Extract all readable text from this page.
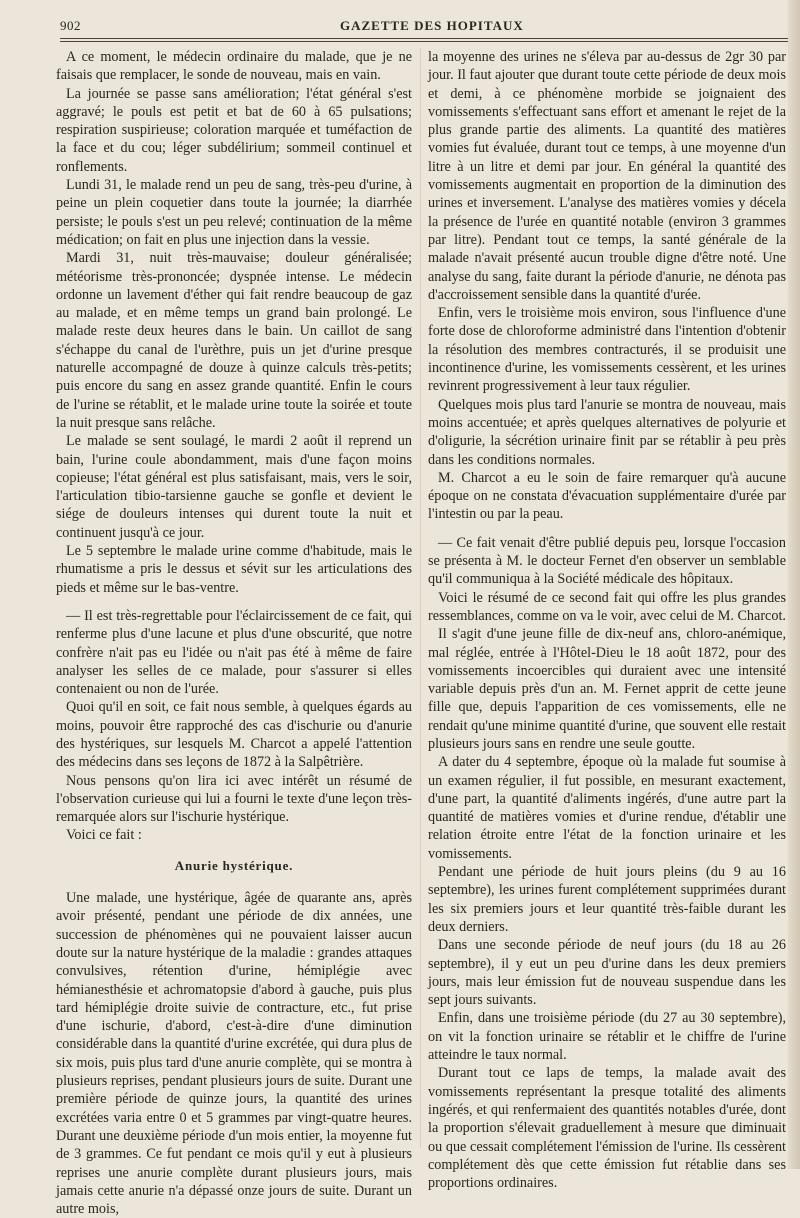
902	GAZETTE DES HOPITAUX

A ce moment, le médecin ordinaire du malade, que je ne faisais que remplacer, le sonde de nouveau, mais en vain.

La journée se passe sans amélioration; l'état général s'est aggravé; le pouls est petit et bat de 60 à 65 pulsations; respiration suspirieuse; coloration marquée et tuméfaction de la face et du cou; léger subdélirium; sommeil continuel et ronflements.

Lundi 31, le malade rend un peu de sang, très-peu d'urine, à peine un plein coquetier dans toute la journée; la diarrhée persiste; le pouls s'est un peu relevé; continuation de la même médication; on fait en plus une injection dans la vessie.

Mardi 31, nuit très-mauvaise; douleur généralisée; météorisme très-prononcée; dyspnée intense. Le médecin ordonne un lavement d'éther qui fait rendre beaucoup de gaz au malade, et en même temps un grand bain prolongé. Le malade reste deux heures dans le bain. Un caillot de sang s'échappe du canal de l'urèthre, puis un jet d'urine presque naturelle accompagné de douze à quinze calculs très-petits; puis encore du sang en assez grande quantité. Enfin le cours de l'urine se rétablit, et le malade urine toute la soirée et toute la nuit presque sans relâche.

Le malade se sent soulagé, le mardi 2 août il reprend un bain, l'urine coule abondamment, mais d'une façon moins copieuse; l'état général est plus satisfaisant, mais, vers le soir, l'articulation tibio-tarsienne gauche se gonfle et devient le siége de douleurs intenses qui durent toute la nuit et continuent jusqu'à ce jour.

Le 5 septembre le malade urine comme d'habitude, mais le rhumatisme a pris le dessus et sévit sur les articulations des pieds et même sur le bas-ventre.

— Il est très-regrettable pour l'éclaircissement de ce fait, qui renferme plus d'une lacune et plus d'une obscurité, que notre confrère n'ait pas eu l'idée ou n'ait pas été à même de faire analyser les selles de ce malade, pour s'assurer si elles contenaient ou non de l'urée.

Quoi qu'il en soit, ce fait nous semble, à quelques égards au moins, pouvoir être rapproché des cas d'ischurie ou d'anurie des hystériques, sur lesquels M. Charcot a appelé l'attention des médecins dans ses leçons de 1872 à la Salpêtrière.

Nous pensons qu'on lira ici avec intérêt un résumé de l'observation curieuse qui lui a fourni le texte d'une leçon très-remarquée alors sur l'ischurie hystérique.

Voici ce fait :

Anurie hystérique.

Une malade, une hystérique, âgée de quarante ans, après avoir présenté, pendant une période de dix années, une succession de phénomènes qui ne pouvaient laisser aucun doute sur la nature hystérique de la maladie : grandes attaques convulsives, rétention d'urine, hémiplégie avec hémianesthésie et achromatopsie d'abord à gauche, puis plus tard hémiplégie droite suivie de contracture, etc., fut prise d'une ischurie, d'abord, c'est-à-dire d'une diminution considérable dans la quantité d'urine excrétée, qui dura plus de six mois, puis plus tard d'une anurie complète, qui se montra à plusieurs reprises, pendant plusieurs jours de suite. Durant une première période de quinze jours, la quantité des urines excrétées varia entre 0 et 5 grammes par vingt-quatre heures. Durant une deuxième période d'un mois entier, la moyenne fut de 3 grammes. Ce fut pendant ce mois qu'il y eut à plusieurs reprises une anurie complète durant plusieurs jours, mais jamais cette anurie n'a dépassé onze jours de suite. Durant un autre mois,

la moyenne des urines ne s'éleva par au-dessus de 2gr 30 par jour. Il faut ajouter que durant toute cette période de deux mois et demi, à ce phénomène morbide se joignaient des vomissements s'effectuant sans effort et amenant le rejet de la plus grande partie des aliments. La quantité des matières vomies fut évaluée, durant tout ce temps, à une moyenne d'un litre à un litre et demi par jour. En général la quantité des vomissements augmentait en proportion de la diminution des urines et inversement. L'analyse des matières vomies y décela la présence de l'urée en quantité notable (environ 3 grammes par litre). Pendant tout ce temps, la santé générale de la malade n'avait présenté aucun trouble digne d'être noté. Une analyse du sang, faite durant la période d'anurie, ne dénota pas d'accroissement sensible dans la quantité d'urée.

Enfin, vers le troisième mois environ, sous l'influence d'une forte dose de chloroforme administré dans l'intention d'obtenir la résolution des membres contracturés, il se produisit une incontinence d'urine, les vomissements cessèrent, et les urines revinrent progressivement à leur taux régulier.

Quelques mois plus tard l'anurie se montra de nouveau, mais moins accentuée; et après quelques alternatives de polyurie et d'oligurie, la sécrétion urinaire finit par se rétablir à peu près dans les conditions normales.

M. Charcot a eu le soin de faire remarquer qu'à aucune époque on ne constata d'évacuation supplémentaire d'urée par l'intestin ou par la peau.

— Ce fait venait d'être publié depuis peu, lorsque l'occasion se présenta à M. le docteur Fernet d'en observer un semblable qu'il communiqua à la Société médicale des hôpitaux.

Voici le résumé de ce second fait qui offre les plus grandes ressemblances, comme on va le voir, avec celui de M. Charcot.

Il s'agit d'une jeune fille de dix-neuf ans, chloro-anémique, mal réglée, entrée à l'Hôtel-Dieu le 18 août 1872, pour des vomissements incoercibles qui duraient avec une intensité variable depuis près d'un an. M. Fernet apprit de cette jeune fille que, depuis l'apparition de ces vomissements, elle ne rendait qu'une minime quantité d'urine, que souvent elle restait plusieurs jours sans en rendre une seule goutte.

A dater du 4 septembre, époque où la malade fut soumise à un examen régulier, il fut possible, en mesurant exactement, d'une part, la quantité d'aliments ingérés, d'une autre part la quantité de matières vomies et d'urine rendue, d'établir une relation étroite entre l'état de la fonction urinaire et les vomissements.

Pendant une période de huit jours pleins (du 9 au 16 septembre), les urines furent complétement supprimées durant les six premiers jours et leur quantité très-faible durant les deux derniers.

Dans une seconde période de neuf jours (du 18 au 26 septembre), il y eut un peu d'urine dans les deux premiers jours, mais leur émission fut de nouveau suspendue dans les sept jours suivants.

Enfin, dans une troisième période (du 27 au 30 septembre), on vit la fonction urinaire se rétablir et le chiffre de l'urine atteindre le taux normal.

Durant tout ce laps de temps, la malade avait des vomissements représentant la presque totalité des aliments ingérés, et qui renfermaient des quantités notables d'urée, dont la proportion s'élevait graduellement à mesure que diminuait ou que cessait complétement l'émission de l'urine. Ils cessèrent complétement dès que cette émission fut rétablie dans ses proportions ordinaires.
